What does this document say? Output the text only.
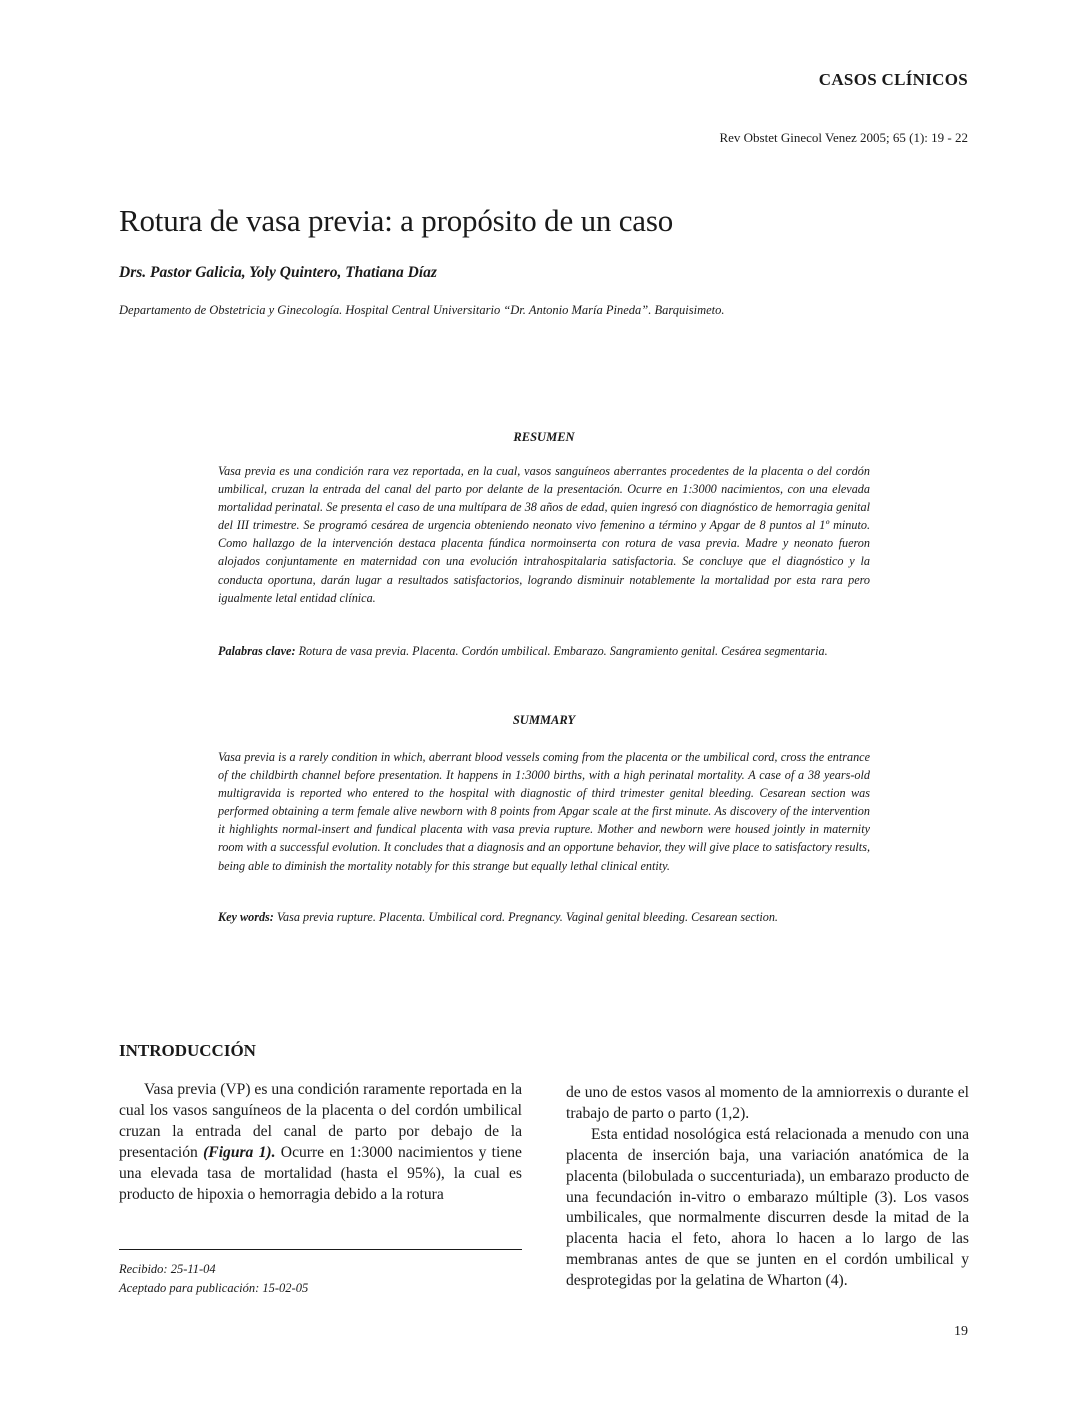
CASOS CLÍNICOS
Rev Obstet Ginecol Venez 2005; 65 (1): 19 - 22
Rotura de vasa previa: a propósito de un caso
Drs. Pastor Galicia, Yoly Quintero, Thatiana Díaz
Departamento de Obstetricia y Ginecología. Hospital Central Universitario “Dr. Antonio María Pineda”. Barquisimeto.
RESUMEN
Vasa previa es una condición rara vez reportada, en la cual, vasos sanguíneos aberrantes procedentes de la placenta o del cordón umbilical, cruzan la entrada del canal del parto por delante de la presentación. Ocurre en 1:3000 nacimientos, con una elevada mortalidad perinatal. Se presenta el caso de una multípara de 38 años de edad, quien ingresó con diagnóstico de hemorragia genital del III trimestre. Se programó cesárea de urgencia obteniendo neonato vivo femenino a término y Apgar de 8 puntos al 1º minuto. Como hallazgo de la intervención destaca placenta fúndica normoinserta con rotura de vasa previa. Madre y neonato fueron alojados conjuntamente en maternidad con una evolución intrahospitalaria satisfactoria. Se concluye que el diagnóstico y la conducta oportuna, darán lugar a resultados satisfactorios, logrando disminuir notablemente la mortalidad por esta rara pero igualmente letal entidad clínica.
Palabras clave: Rotura de vasa previa. Placenta. Cordón umbilical. Embarazo. Sangramiento genital. Cesárea segmentaria.
SUMMARY
Vasa previa is a rarely condition in which, aberrant blood vessels coming from the placenta or the umbilical cord, cross the entrance of the childbirth channel before presentation. It happens in 1:3000 births, with a high perinatal mortality. A case of a 38 years-old multigravida is reported who entered to the hospital with diagnostic of third trimester genital bleeding. Cesarean section was performed obtaining a term female alive newborn with 8 points from Apgar scale at the first minute. As discovery of the intervention it highlights normal-insert and fundical placenta with vasa previa rupture. Mother and newborn were housed jointly in maternity room with a successful evolution. It concludes that a diagnosis and an opportune behavior, they will give place to satisfactory results, being able to diminish the mortality notably for this strange but equally lethal clinical entity.
Key words: Vasa previa rupture. Placenta. Umbilical cord. Pregnancy. Vaginal genital bleeding. Cesarean section.
INTRODUCCIÓN

Vasa previa (VP) es una condición raramente reportada en la cual los vasos sanguíneos de la placenta o del cordón umbilical cruzan la entrada del canal de parto por debajo de la presentación (Figura 1). Ocurre en 1:3000 nacimientos y tiene una elevada tasa de mortalidad (hasta el 95%), la cual es producto de hipoxia o hemorragia debido a la rotura

de uno de estos vasos al momento de la amniorrexis o durante el trabajo de parto o parto (1,2).

Esta entidad nosológica está relacionada a menudo con una placenta de inserción baja, una variación anatómica de la placenta (bilobulada o succenturiada), un embarazo producto de una fecundación in-vitro o embarazo múltiple (3). Los vasos umbilicales, que normalmente discurren desde la mitad de la placenta hacia el feto, ahora lo hacen a lo largo de las membranas antes de que se junten en el cordón umbilical y desprotegidas por la gelatina de Wharton (4).

Recibido: 25-11-04
Aceptado para publicación: 15-02-05
19
